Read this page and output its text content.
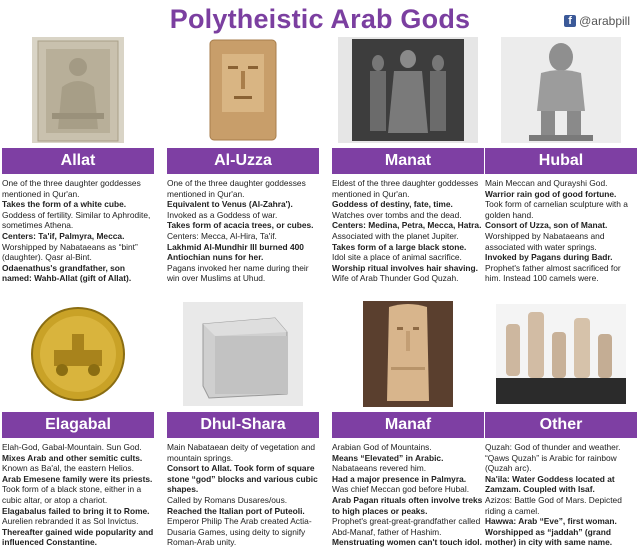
Polytheistic Arab Gods	f @arabpill
Allat

One of the three daughter goddesses mentioned in Qur'an.

Takes the form of a white cube.

Goddess of fertility. Similar to Aphrodite, sometimes Athena.

Centers: Ta'if, Palmyra, Mecca.

Worshipped by Nabataeans as “bint” (daughter). Qasr al-Bint.

Odaenathus's grandfather, son named: Wahb-Allat (gift of Allat).

Al-Uzza

One of the three daughter goddesses mentioned in Qur'an.

Equivalent to Venus (Al-Zahra').

Invoked as a Goddess of war.

Takes form of acacia trees, or cubes.

Centers: Mecca, Al-Hira, Ta'if.

Lakhmid Al-Mundhir III burned 400 Antiochian nuns for her.

Pagans invoked her name during their win over Muslims at Uhud.

Manat

Eldest of the three daughter goddesses mentioned in Qur'an.

Goddess of destiny, fate, time.

Watches over tombs and the dead.

Centers: Medina, Petra, Mecca, Hatra.

Associated with the planet Jupiter.

Takes form of a large black stone.

Idol site a place of animal sacrifice.

Worship ritual involves hair shaving.

Wife of Arab Thunder God Quzah.

Hubal

Main Meccan and Qurayshi God.

Warrior rain god of good fortune.

Took form of carnelian sculpture with a golden hand.

Consort of Uzza, son of Manat.

Worshipped by Nabataeans and associated with water springs.

Invoked by Pagans during Badr.

Prophet's father almost sacrificed for him. Instead 100 camels were.

Elagabal

Elah-God, Gabal-Mountain. Sun God.

Mixes Arab and other semitic cults.

Known as Ba'al, the eastern Helios.

Arab Emesene family were its priests.

Took form of a black stone, either in a cubic altar, or atop a chariot.

Elagabalus failed to bring it to Rome.

Aurelien rebranded it as Sol Invictus.

Thereafter gained wide popularity and influenced Constantine.

Dhul-Shara

Main Nabataean deity of vegetation and mountain springs.

Consort to Allat. Took form of square stone “god” blocks and various cubic shapes.

Called by Romans Dusares/ous.

Reached the Italian port of Puteoli.

Emperor Philip The Arab created Actia-Dusaria Games, using deity to signify Roman-Arab unity.

Manaf

Arabian God of Mountains.

Means “Elevated” in Arabic.

Nabataeans revered him.

Had a major presence in Palmyra.

Was chief Meccan god before Hubal.

Arab Pagan rituals often involve treks to high places or peaks.

Prophet's great-great-grandfather called Abd-Manaf, father of Hashim.

Menstruating women can't touch idol.

Other

Quzah: God of thunder and weather. “Qaws Quzah” is Arabic for rainbow (Quzah arc).

Na'ila: Water Goddess located at Zamzam. Coupled with Isaf.

Azizos: Battle God of Mars. Depicted riding a camel.

Hawwa: Arab “Eve”, first woman. Worshipped as “jaddah” (grand mother) in city with same name.
